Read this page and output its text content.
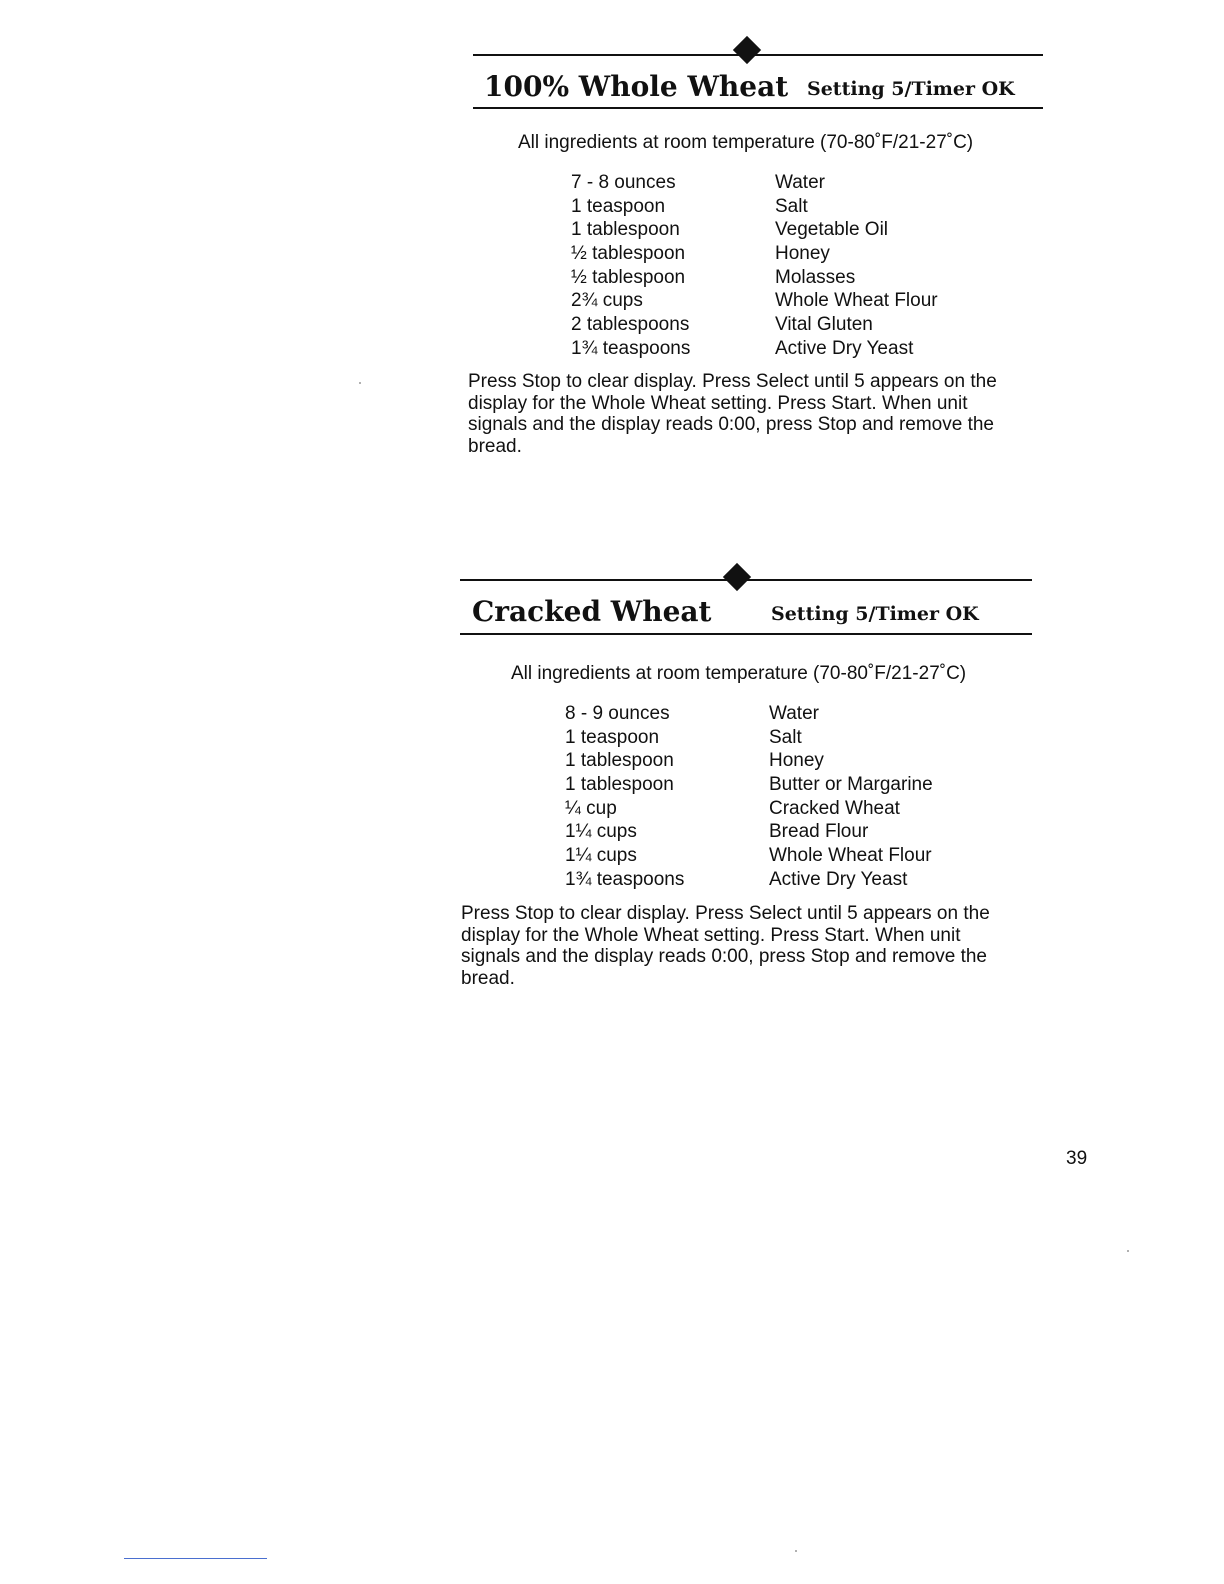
100% Whole Wheat Setting 5/Timer OK
All ingredients at room temperature (70-80˚F/21-27˚C)
7 - 8 ounces	Water
1 teaspoon	Salt
1 tablespoon	Vegetable Oil
½ tablespoon	Honey
½ tablespoon	Molasses
2¾ cups	Whole Wheat Flour
2 tablespoons	Vital Gluten
1¾ teaspoons	Active Dry Yeast
Press Stop to clear display. Press Select until 5 appears on the display for the Whole Wheat setting. Press Start. When unit signals and the display reads 0:00, press Stop and remove the bread.
Cracked Wheat	Setting 5/Timer OK
All ingredients at room temperature (70-80˚F/21-27˚C)
8 - 9 ounces	Water
1 teaspoon	Salt
1 tablespoon	Honey
1 tablespoon	Butter or Margarine
¼ cup	Cracked Wheat
1¼ cups	Bread Flour
1¼ cups	Whole Wheat Flour
1¾ teaspoons	Active Dry Yeast
Press Stop to clear display. Press Select until 5 appears on the display for the Whole Wheat setting. Press Start. When unit signals and the display reads 0:00, press Stop and remove the bread.
39
